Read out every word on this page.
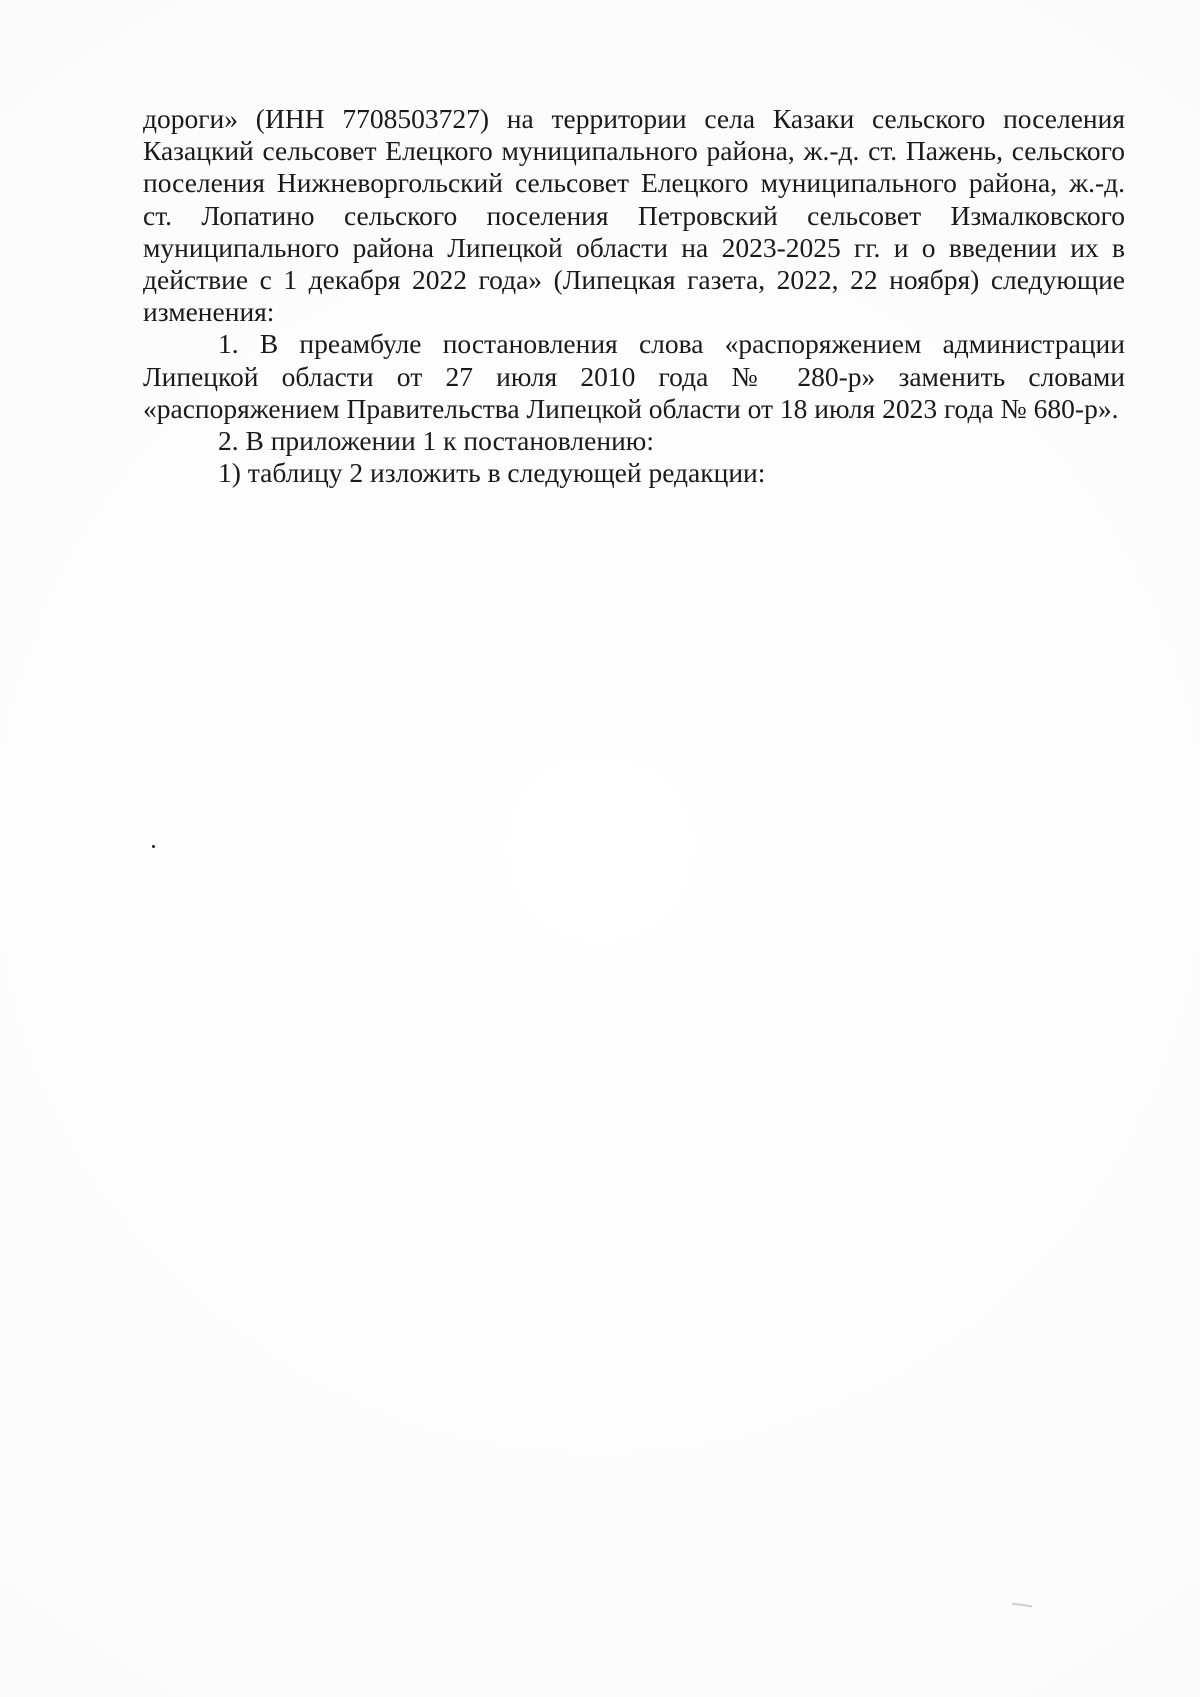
дороги» (ИНН 7708503727) на территории села Казаки сельского поселения Казацкий сельсовет Елецкого муниципального района, ж.-д. ст. Пажень, сельского поселения Нижневоргольский сельсовет Елецкого муниципального района, ж.-д. ст. Лопатино сельского поселения Петровский сельсовет Измалковского муниципального района Липецкой области на 2023-2025 гг. и о введении их в действие с 1 декабря 2022 года» (Липецкая газета, 2022, 22 ноября) следующие изменения:

1. В преамбуле постановления слова «распоряжением администрации Липецкой области от 27 июля 2010 года № 280-р» заменить словами «распоряжением Правительства Липецкой области от 18 июля 2023 года № 680-р».

2. В приложении 1 к постановлению:

1) таблицу 2 изложить в следующей редакции:
